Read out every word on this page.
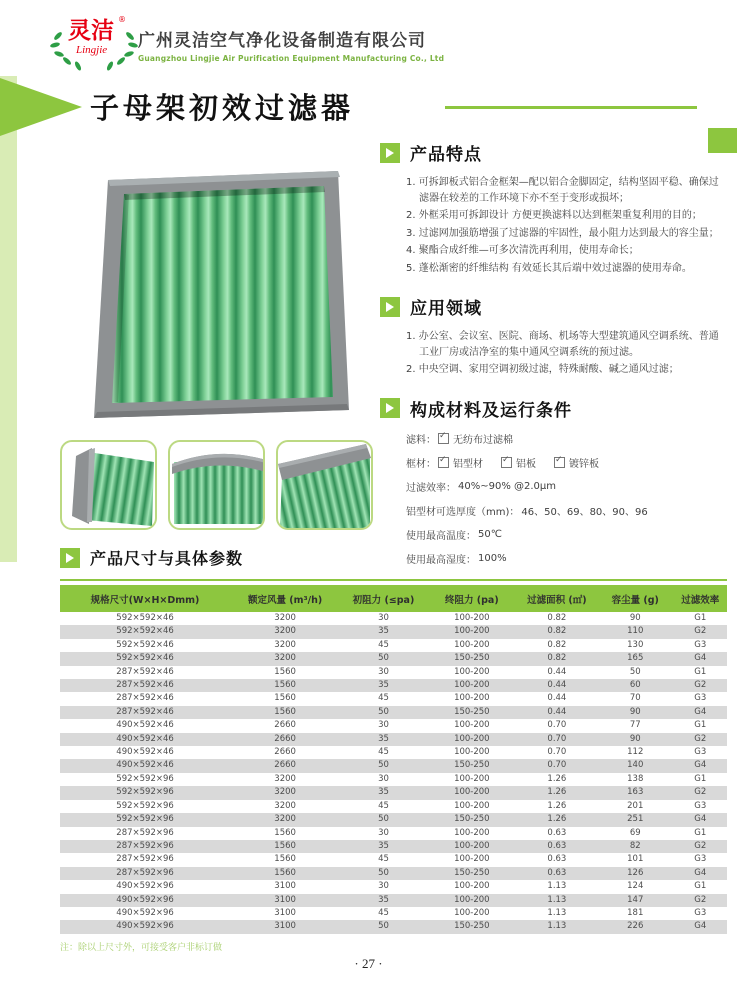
灵洁 ®
Lingjie 广州灵洁空气净化设备制造有限公司
Guangzhou Lingjie Air Purification Equipment Manufacturing Co., Ltd
子母架初效过滤器
产品特点
1. 可拆卸板式铝合金框架—配以铝合金脚固定，结构坚固平稳、确保过滤器在较差的工作环境下亦不至于变形或损坏；
2. 外框采用可拆卸设计 方便更换滤料以达到框架重复利用的目的；
3. 过滤网加强筋增强了过滤器的牢固性，最小阻力达到最大的容尘量；
4. 聚酯合成纤维—可多次清洗再利用，使用寿命长；
5. 蓬松渐密的纤维结构 有效延长其后端中效过滤器的使用寿命。
应用领域
1. 办公室、会议室、医院、商场、机场等大型建筑通风空调系统、普通工业厂房或洁净室的集中通风空调系统的预过滤。
2. 中央空调、家用空调初级过滤，特殊耐酸、碱之通风过滤；
构成材料及运行条件
滤料： ✓ 无纺布过滤棉
框材： ✓ 铝型材 ✓	铝板 ✓	镀锌板
过滤效率： 40%~90% @2.0μm
铝型材可选厚度（mm)： 46、50、69、80、90、96
使用最高温度： 50℃
使用最高湿度： 100%
产品尺寸与具体参数
规格尺寸(W×H×Dmm)	额定风量 (m³/h)	初阻力 (≤pa)	终阻力 (pa)	过滤面积 (㎡)	容尘量 (g)	过滤效率
592×592×46	3200	30	100-200	0.82	90	G1
592×592×46	3200	35	100-200	0.82	110	G2
592×592×46	3200	45	100-200	0.82	130	G3
592×592×46	3200	50	150-250	0.82	165	G4
287×592×46	1560	30	100-200	0.44	50	G1
287×592×46	1560	35	100-200	0.44	60	G2
287×592×46	1560	45	100-200	0.44	70	G3
287×592×46	1560	50	150-250	0.44	90	G4
490×592×46	2660	30	100-200	0.70	77	G1
490×592×46	2660	35	100-200	0.70	90	G2
490×592×46	2660	45	100-200	0.70	112	G3
490×592×46	2660	50	150-250	0.70	140	G4
592×592×96	3200	30	100-200	1.26	138	G1
592×592×96	3200	35	100-200	1.26	163	G2
592×592×96	3200	45	100-200	1.26	201	G3
592×592×96	3200	50	150-250	1.26	251	G4
287×592×96	1560	30	100-200	0.63	69	G1
287×592×96	1560	35	100-200	0.63	82	G2
287×592×96	1560	45	100-200	0.63	101	G3
287×592×96	1560	50	150-250	0.63	126	G4
490×592×96	3100	30	100-200	1.13	124	G1
490×592×96	3100	35	100-200	1.13	147	G2
490×592×96	3100	45	100-200	1.13	181	G3
490×592×96	3100	50	150-250	1.13	226	G4
注：除以上尺寸外，可接受客户非标订做
· 27 ·
